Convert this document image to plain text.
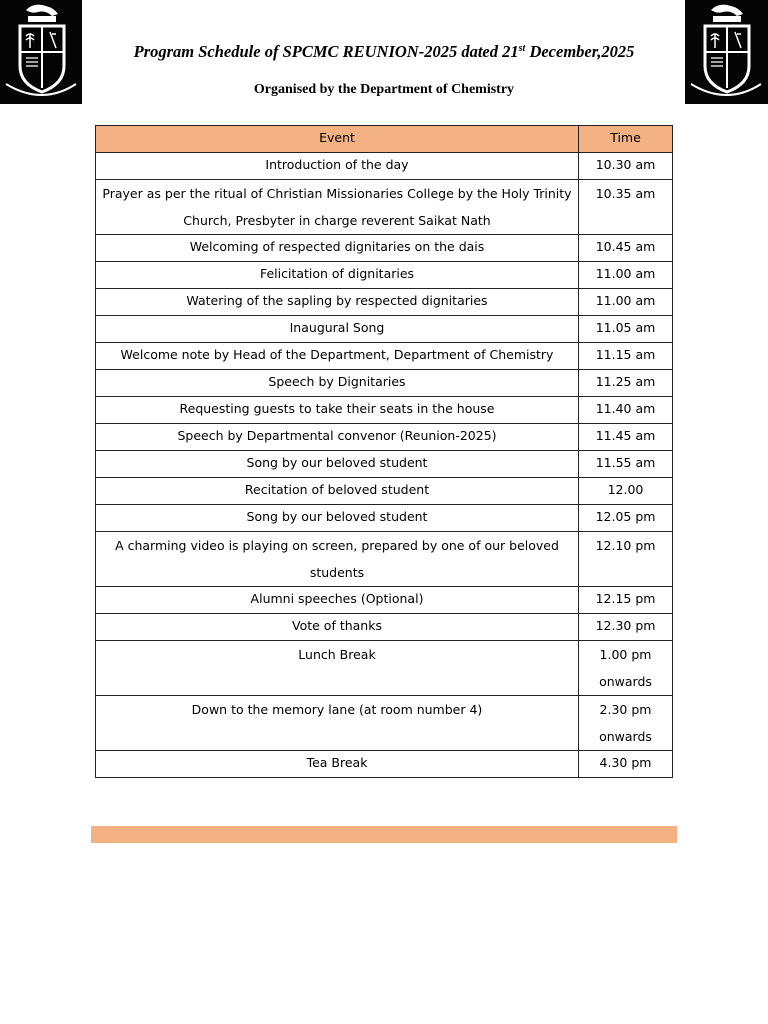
Program Schedule of SPCMC REUNION-2025 dated 21st December,2025

Organised by the Department of Chemistry

Event	Time
Introduction of the day	10.30 am
Prayer as per the ritual of Christian Missionaries College by the Holy Trinity Church, Presbyter in charge reverent Saikat Nath	10.35 am
Welcoming of respected dignitaries on the dais	10.45 am
Felicitation of dignitaries	11.00 am
Watering of the sapling by respected dignitaries	11.00 am
Inaugural Song	11.05 am
Welcome note by Head of the Department, Department of Chemistry	11.15 am
Speech by Dignitaries	11.25 am
Requesting guests to take their seats in the house	11.40 am
Speech by Departmental convenor (Reunion-2025)	11.45 am
Song by our beloved student	11.55 am
Recitation of beloved student	12.00
Song by our beloved student	12.05 pm
A charming video is playing on screen, prepared by one of our beloved students	12.10 pm
Alumni speeches (Optional)	12.15 pm
Vote of thanks	12.30 pm
Lunch Break	1.00 pm onwards
Down to the memory lane (at room number 4)	2.30 pm onwards
Tea Break	4.30 pm
